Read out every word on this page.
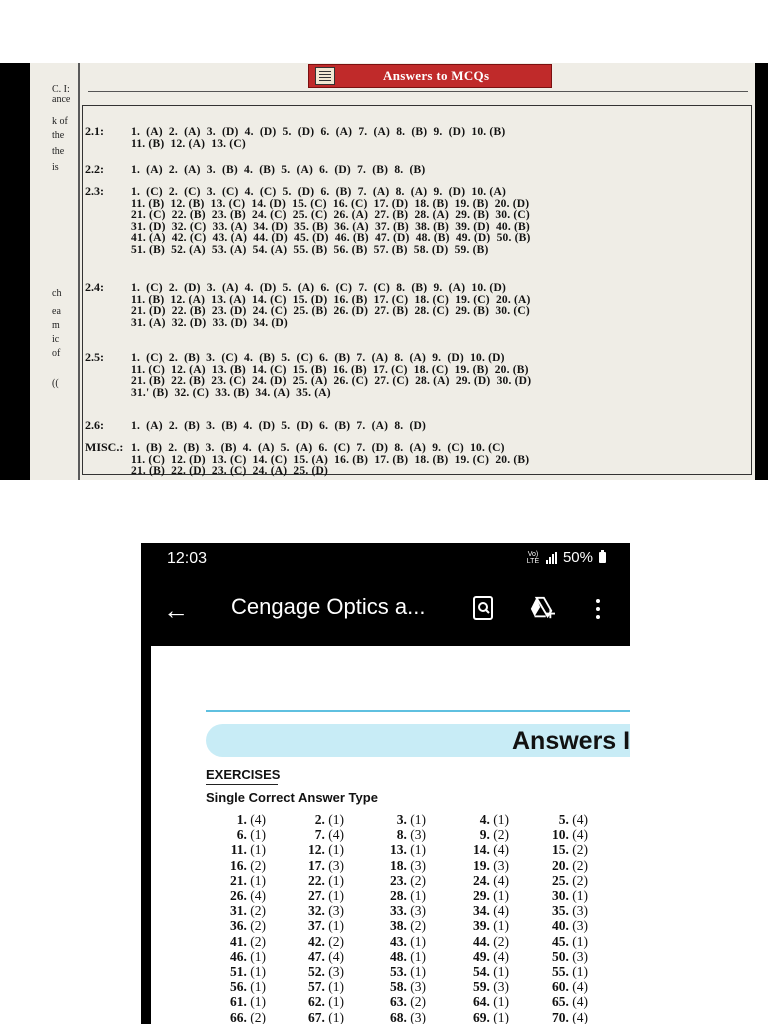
C. I:
ance
k of
the
the
is
ch
ea
m
ic
of
((
Answers to MCQs
2.1: 1.  (A)  2.  (A)  3.  (D)  4.  (D)  5.  (D)  6.  (A)  7.  (A)  8.  (B)  9.  (D)  10. (B)
11. (B)  12. (A)  13. (C)
2.2: 1.  (A)  2.  (A)  3.  (B)  4.  (B)  5.  (A)  6.  (D)  7.  (B)  8.  (B)
2.3: 1.  (C)  2.  (C)  3.  (C)  4.  (C)  5.  (D)  6.  (B)  7.  (A)  8.  (A)  9.  (D)  10. (A)
11. (B)  12. (B)  13. (C)  14. (D)  15. (C)  16. (C)  17. (D)  18. (B)  19. (B)  20. (D)
21. (C)  22. (B)  23. (B)  24. (C)  25. (C)  26. (A)  27. (B)  28. (A)  29. (B)  30. (C)
31. (D)  32. (C)  33. (A)  34. (D)  35. (B)  36. (A)  37. (B)  38. (B)  39. (D)  40. (B)
41. (A)  42. (C)  43. (A)  44. (D)  45. (D)  46. (B)  47. (D)  48. (B)  49. (D)  50. (B)
51. (B)  52. (A)  53. (A)  54. (A)  55. (B)  56. (B)  57. (B)  58. (D)  59. (B)
2.4: 1.  (C)  2.  (D)  3.  (A)  4.  (D)  5.  (A)  6.  (C)  7.  (C)  8.  (B)  9.  (A)  10. (D)
11. (B)  12. (A)  13. (A)  14. (C)  15. (D)  16. (B)  17. (C)  18. (C)  19. (C)  20. (A)
21. (D)  22. (B)  23. (D)  24. (C)  25. (B)  26. (D)  27. (B)  28. (C)  29. (B)  30. (C)
31. (A)  32. (D)  33. (D)  34. (D)
2.5: 1.  (C)  2.  (B)  3.  (C)  4.  (B)  5.  (C)  6.  (B)  7.  (A)  8.  (A)  9.  (D)  10. (D)
11. (C)  12. (A)  13. (B)  14. (C)  15. (B)  16. (B)  17. (C)  18. (C)  19. (B)  20. (B)
21. (B)  22. (B)  23. (C)  24. (D)  25. (A)  26. (C)  27. (C)  28. (A)  29. (D)  30. (D)
31.' (B)  32. (C)  33. (B)  34. (A)  35. (A)
2.6: 1.  (A)  2.  (B)  3.  (B)  4.  (D)  5.  (D)  6.  (B)  7.  (A)  8.  (D)
MISC.: 1.  (B)  2.  (B)  3.  (B)  4.  (A)  5.  (A)  6.  (C)  7.  (D)  8.  (A)  9.  (C)  10. (C)
11. (C)  12. (D)  13. (C)  14. (C)  15. (A)  16. (B)  17. (B)  18. (B)  19. (C)  20. (B)
21. (B)  22. (D)  23. (C)  24. (A)  25. (D)
12:03	Vo) LTE 50%
← Cengage Optics a...
Answers I
EXERCISES
Single Correct Answer Type
1. (4)	2. (1)	3. (1)	4. (1)	5. (4)
6. (1)	7. (4)	8. (3)	9. (2)	10. (4)
11. (1)	12. (1)	13. (1)	14. (4)	15. (2)
16. (2)	17. (3)	18. (3)	19. (3)	20. (2)
21. (1)	22. (1)	23. (2)	24. (4)	25. (2)
26. (4)	27. (1)	28. (1)	29. (1)	30. (1)
31. (2)	32. (3)	33. (3)	34. (4)	35. (3)
36. (2)	37. (1)	38. (2)	39. (1)	40. (3)
41. (2)	42. (2)	43. (1)	44. (2)	45. (1)
46. (1)	47. (4)	48. (1)	49. (4)	50. (3)
51. (1)	52. (3)	53. (1)	54. (1)	55. (1)
56. (1)	57. (1)	58. (3)	59. (3)	60. (4)
61. (1)	62. (1)	63. (2)	64. (1)	65. (4)
66. (2)	67. (1)	68. (3)	69. (1)	70. (4)
